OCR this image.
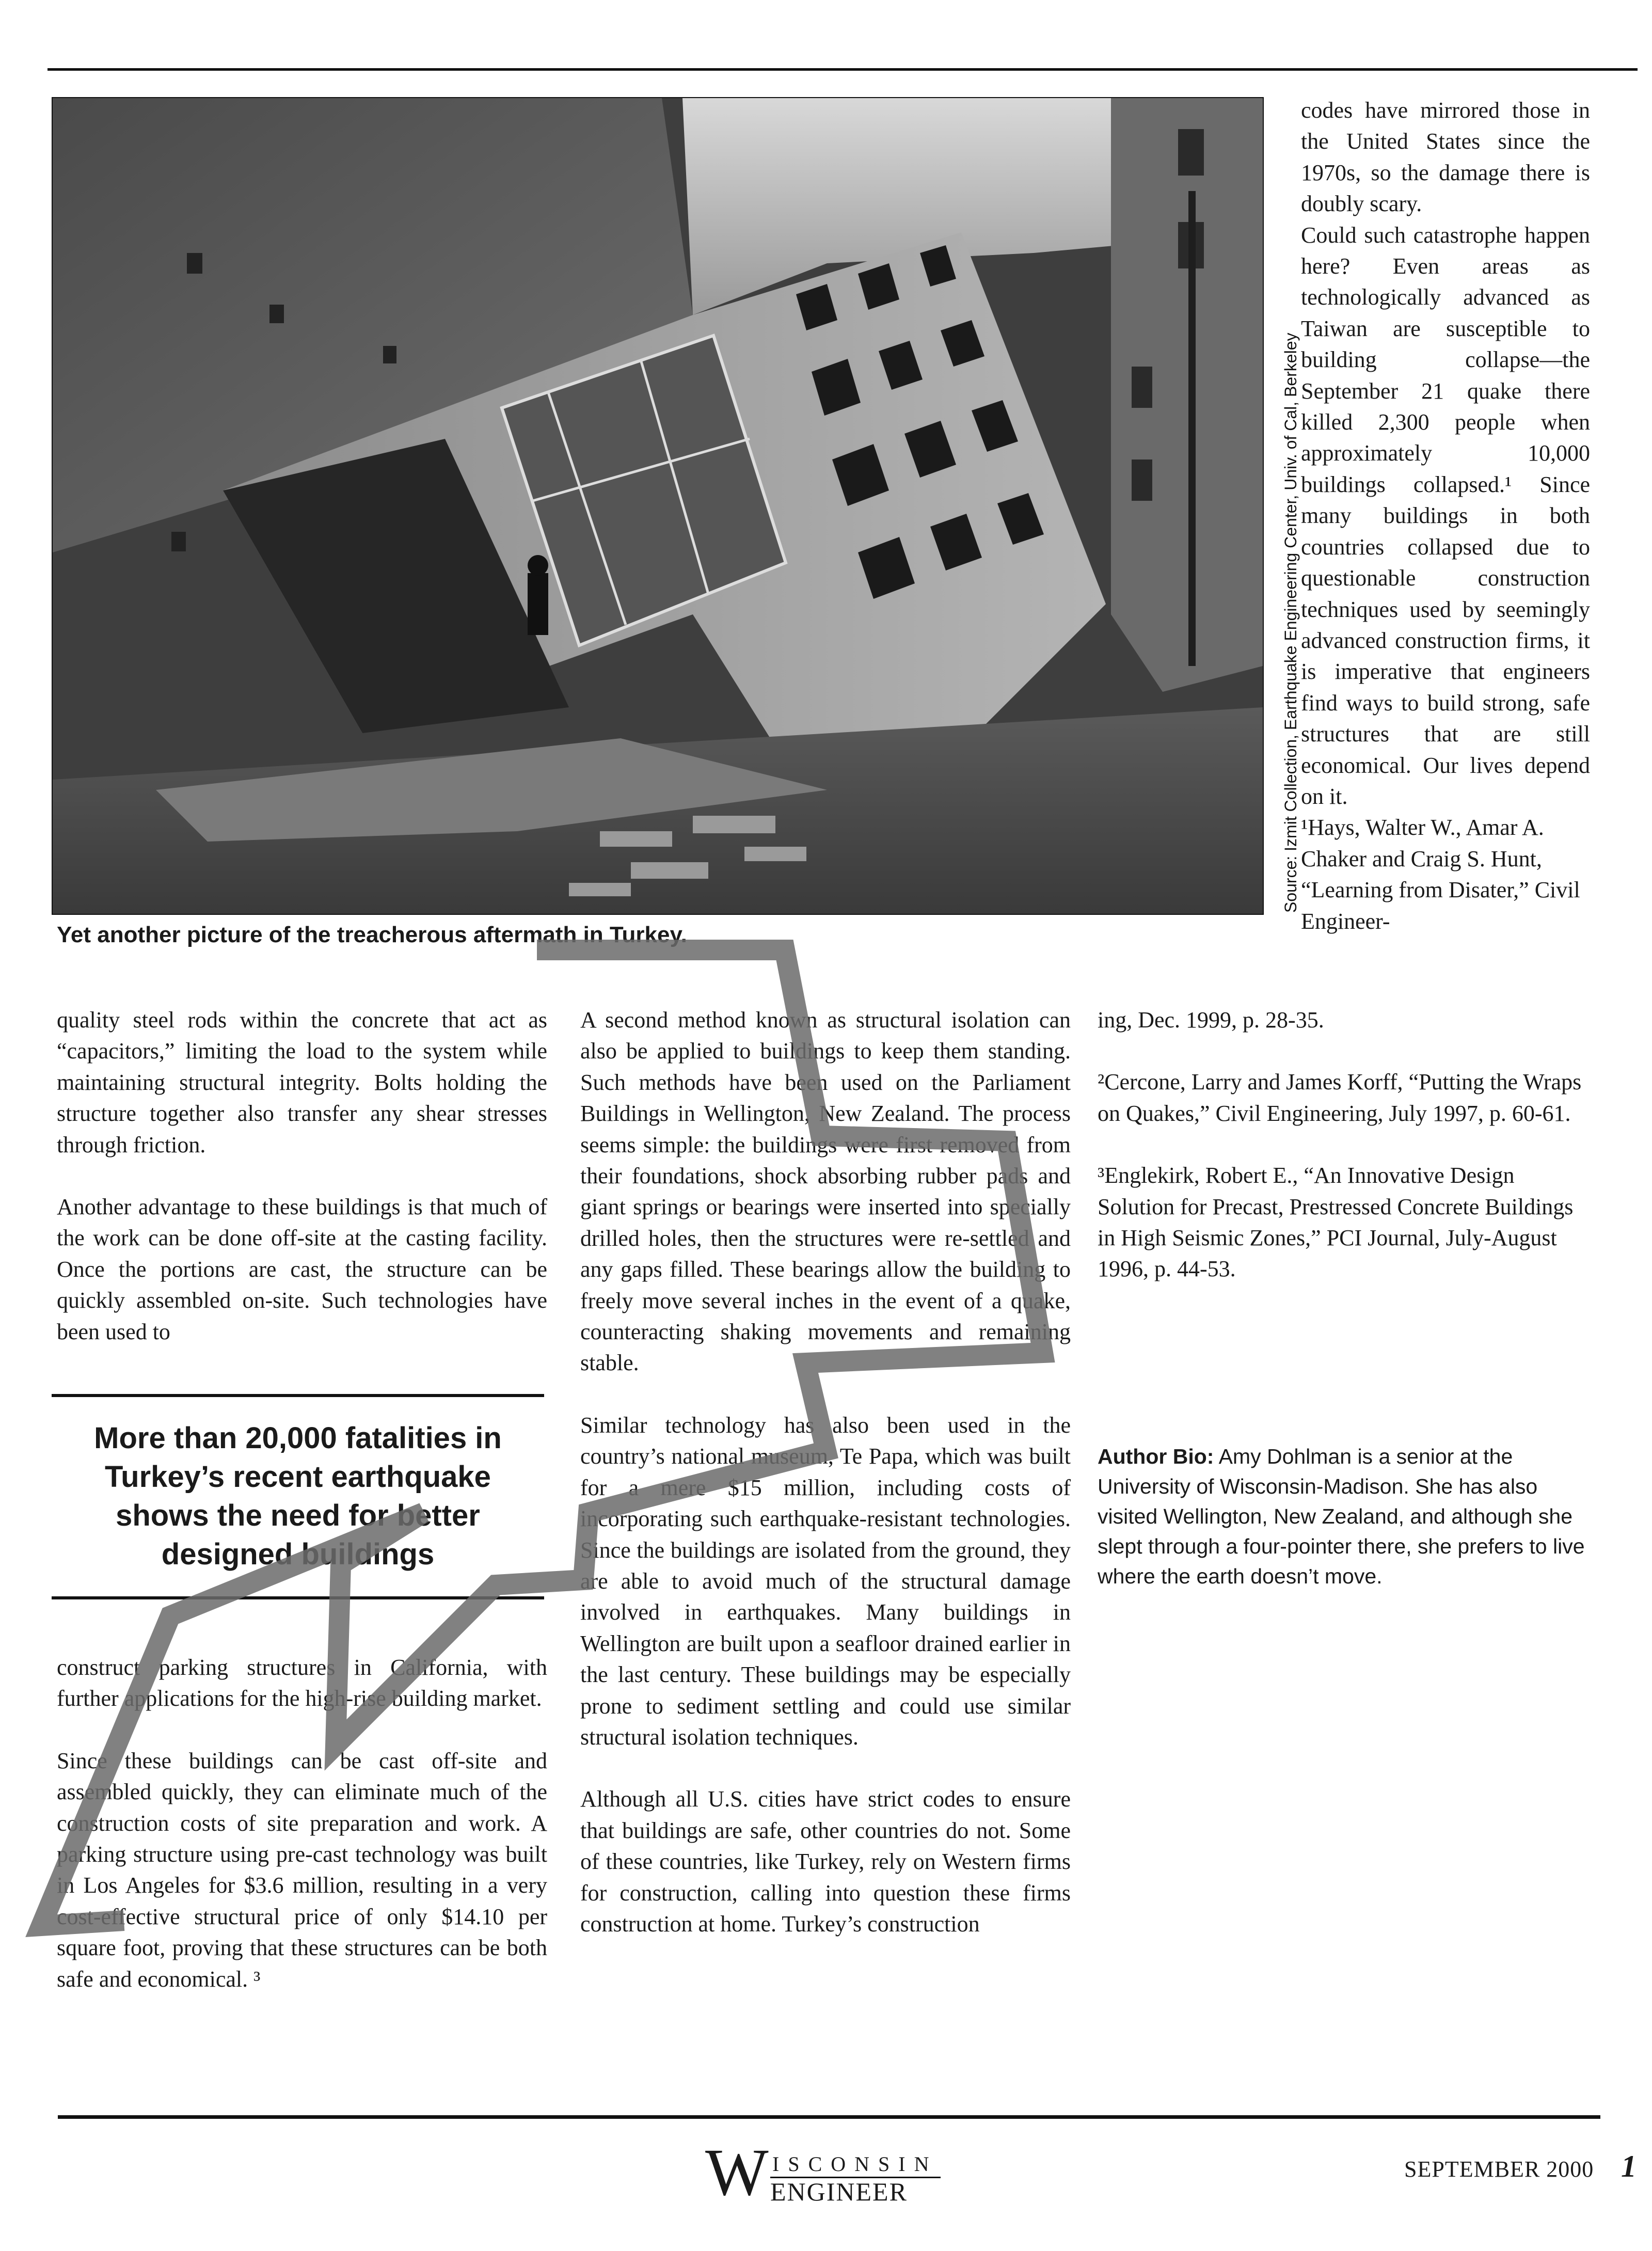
Source: Izmit Collection, Earthquake Engineering Center, Univ. of Cal, Berkeley
Yet another picture of the treacherous aftermath in Turkey.

codes have mirrored those in the United States since the 1970s, so the damage there is doubly scary.

Could such catastrophe happen here? Even areas as technologically advanced as Taiwan are susceptible to building collapse—the September 21 quake there killed 2,300 people when approximately 10,000 buildings collapsed.¹ Since many buildings in both countries collapsed due to questionable construction techniques used by seemingly advanced construction firms, it is imperative that engineers find ways to build strong, safe structures that are still economical. Our lives depend on it.

¹Hays, Walter W., Amar A. Chaker and Craig S. Hunt, “Learning from Disater,” Civil Engineer-

ing, Dec. 1999, p. 28-35.

²Cercone, Larry and James Korff, “Putting the Wraps on Quakes,” Civil Engineering, July 1997, p. 60-61.

³Englekirk, Robert E., “An Innovative Design Solution for Precast, Prestressed Concrete Buildings in High Seismic Zones,” PCI Journal, July-August 1996, p. 44-53.

Author Bio: Amy Dohlman is a senior at the University of Wisconsin-Madison. She has also visited Wellington, New Zealand, and although she slept through a four-pointer there, she prefers to live where the earth doesn’t move.

quality steel rods within the concrete that act as “capacitors,” limiting the load to the system while maintaining structural integrity. Bolts holding the structure together also transfer any shear stresses through friction.

Another advantage to these buildings is that much of the work can be done off-site at the casting facility. Once the portions are cast, the structure can be quickly assembled on-site. Such technologies have been used to

More than 20,000 fatalities in Turkey’s recent earthquake shows the need for better designed buildings

construct parking structures in California, with further applications for the high-rise building market.

Since these buildings can be cast off-site and assembled quickly, they can eliminate much of the construction costs of site preparation and work. A parking structure using pre-cast technology was built in Los Angeles for $3.6 million, resulting in a very cost-effective structural price of only $14.10 per square foot, proving that these structures can be both safe and economical. ³

A second method known as structural isolation can also be applied to buildings to keep them standing. Such methods have been used on the Parliament Buildings in Wellington, New Zealand. The process seems simple: the buildings were first removed from their foundations, shock absorbing rubber pads and giant springs or bearings were inserted into specially drilled holes, then the structures were re-settled and any gaps filled. These bearings allow the building to freely move several inches in the event of a quake, counteracting shaking movements and remaining stable.

Similar technology has also been used in the country’s national museum, Te Papa, which was built for a mere $15 million, including costs of incorporating such earthquake-resistant technologies. Since the buildings are isolated from the ground, they are able to avoid much of the structural damage involved in earthquakes. Many buildings in Wellington are built upon a seafloor drained earlier in the last century. These buildings may be especially prone to sediment settling and could use similar structural isolation techniques.

Although all U.S. cities have strict codes to ensure that buildings are safe, other countries do not. Some of these countries, like Turkey, rely on Western firms for construction, calling into question these firms construction at home. Turkey’s construction

W ISCONSIN
ENGINEER
SEPTEMBER 2000 1
